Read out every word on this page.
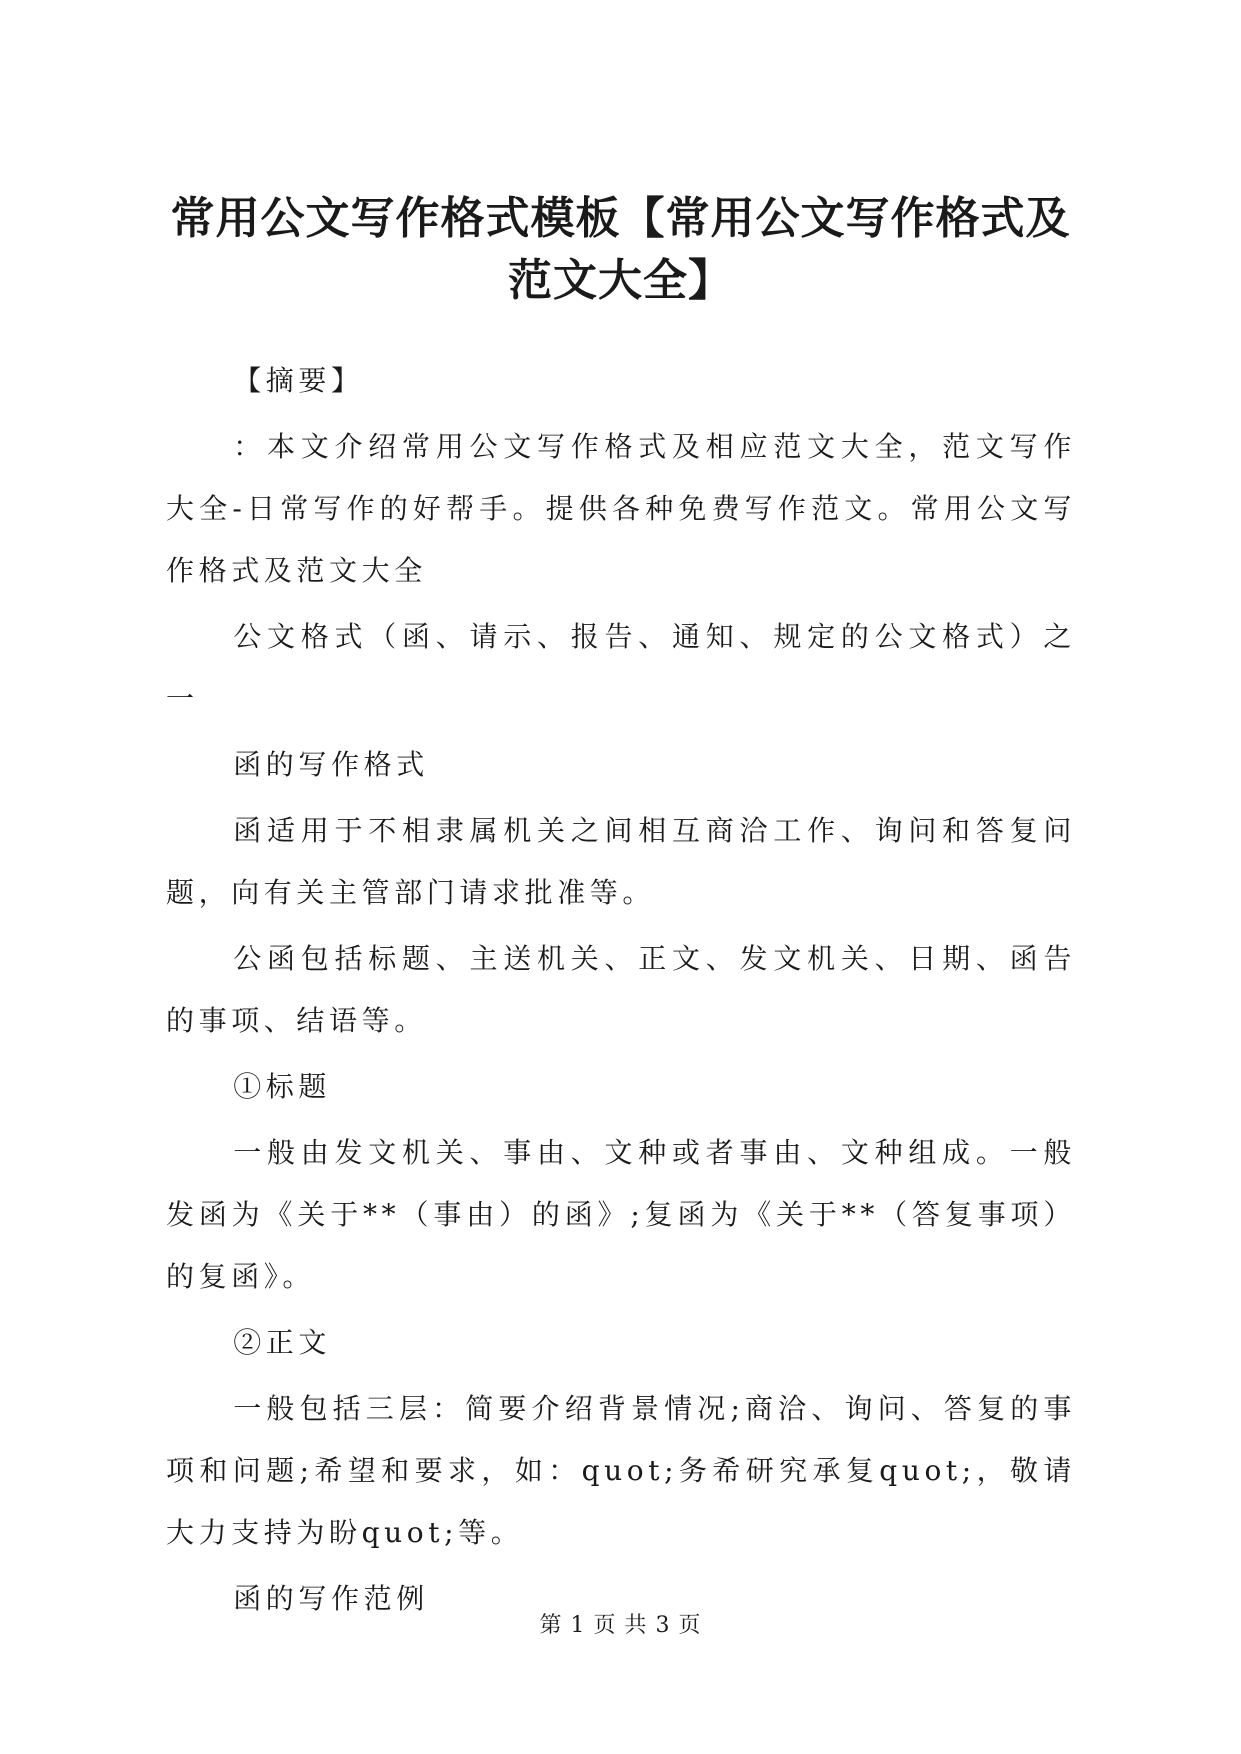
常用公文写作格式模板【常用公文写作格式及范文大全】

【摘要】

：本文介绍常用公文写作格式及相应范文大全，范文写作大全-日常写作的好帮手。提供各种免费写作范文。常用公文写作格式及范文大全

公文格式（函、请示、报告、通知、规定的公文格式）之一

函的写作格式

函适用于不相隶属机关之间相互商洽工作、询问和答复问题，向有关主管部门请求批准等。

公函包括标题、主送机关、正文、发文机关、日期、函告的事项、结语等。

①标题

一般由发文机关、事由、文种或者事由、文种组成。一般发函为《关于**（事由）的函》;复函为《关于**（答复事项）的复函》。

②正文

一般包括三层：简要介绍背景情况;商洽、询问、答复的事项和问题;希望和要求，如：quot;务希研究承复quot;，敬请大力支持为盼quot;等。

函的写作范例

第 1 页 共 3 页
